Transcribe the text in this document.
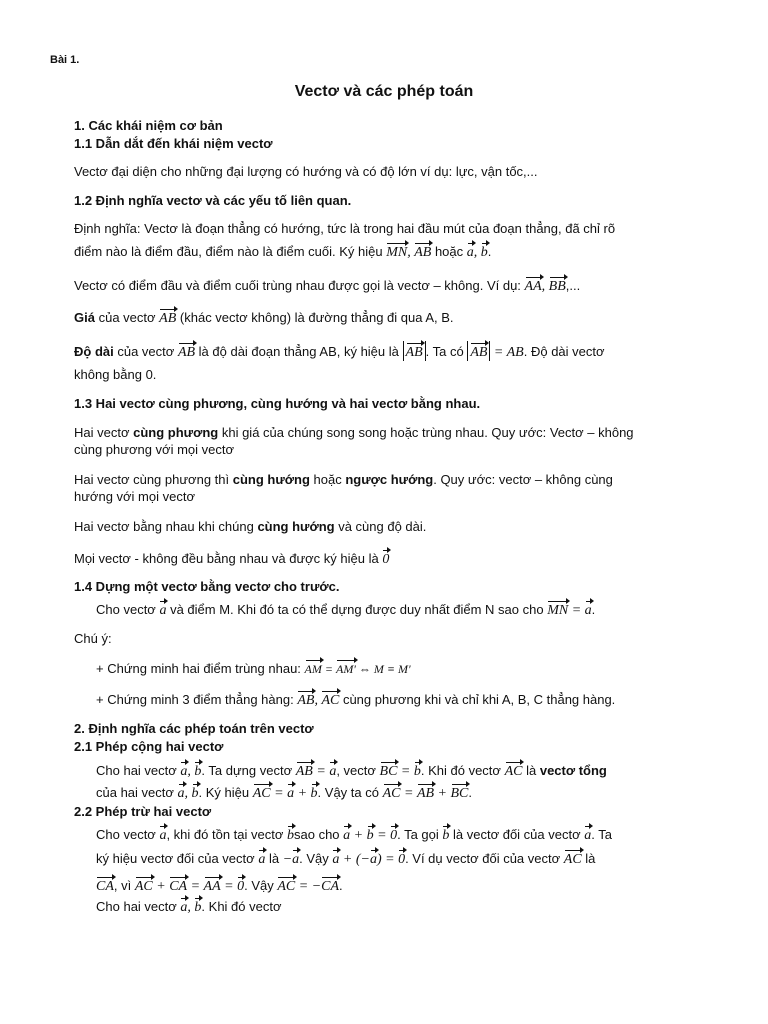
Bài 1.
Vectơ và các phép toán
1. Các khái niệm cơ bản
1.1 Dẫn dắt đến khái niệm vectơ
Vectơ đại diện cho những đại lượng có hướng và có độ lớn ví dụ: lực, vận tốc,...
1.2 Định nghĩa vectơ và các yếu tố liên quan.
Định nghĩa: Vectơ là đoạn thẳng có hướng, tức là trong hai đầu mút của đoạn thẳng, đã chỉ rõ
điểm nào là điểm đầu, điểm nào là điểm cuối. Ký hiệu MN, AB hoặc a, b.
Vectơ có điểm đầu và điểm cuối trùng nhau được gọi là vectơ – không. Ví dụ: AA, BB,...
Giá của vectơ AB (khác vectơ không) là đường thẳng đi qua A, B.
Độ dài của vectơ AB là độ dài đoạn thẳng AB, ký hiệu là AB . Ta có AB = AB. Độ dài vectơ
không bằng 0.
1.3 Hai vectơ cùng phương, cùng hướng và hai vectơ bằng nhau.
Hai vectơ cùng phương khi giá của chúng song song hoặc trùng nhau. Quy ước: Vectơ – không
cùng phương với mọi vectơ
Hai vectơ cùng phương thì cùng hướng hoặc ngược hướng. Quy ước: vectơ – không cùng
hướng với mọi vectơ
Hai vectơ bằng nhau khi chúng cùng hướng và cùng độ dài.
Mọi vectơ - không đều bằng nhau và được ký hiệu là 0
1.4 Dựng một vectơ bằng vectơ cho trước.
Cho vectơ a và điểm M. Khi đó ta có thể dựng được duy nhất điểm N sao cho MN = a.
Chú ý:
+ Chứng minh hai điểm trùng nhau: AM = AM' ⇔ M ≡ M'
+ Chứng minh 3 điểm thẳng hàng: AB, AC cùng phương khi và chỉ khi A, B, C thẳng hàng.
2. Định nghĩa các phép toán trên vectơ
2.1 Phép cộng hai vectơ
Cho hai vectơ a, b. Ta dựng vectơ AB = a, vectơ BC = b. Khi đó vectơ AC là vectơ tổng
của hai vectơ a, b. Ký hiệu AC = a + b. Vậy ta có AC = AB + BC.
2.2 Phép trừ hai vectơ
Cho vectơ a, khi đó tồn tại vectơ bsao cho a + b = 0. Ta gọi b là vectơ đối của vectơ a. Ta
ký hiệu vectơ đối của vectơ a là −a. Vậy a + (−a) = 0. Ví dụ vectơ đối của vectơ AC là
CA, vì AC + CA = AA = 0. Vậy AC = −CA.
Cho hai vectơ a, b. Khi đó vectơ
